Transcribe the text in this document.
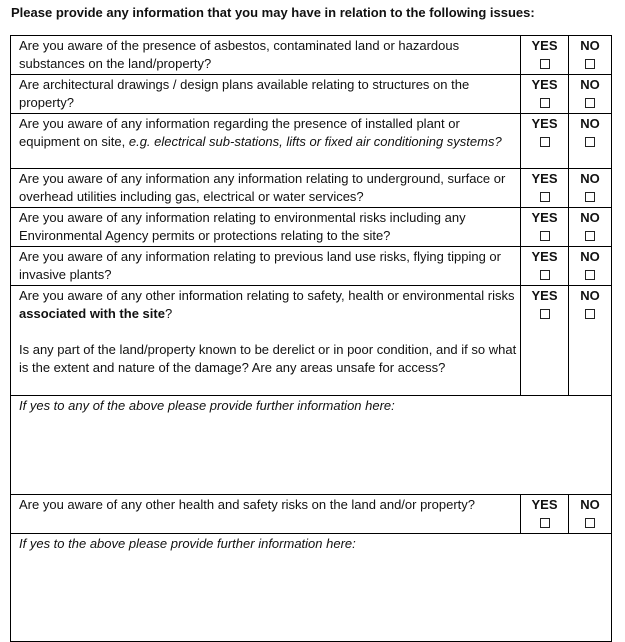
Please provide any information that you may have in relation to the following issues:
Are you aware of the presence of asbestos, contaminated land or hazardous substances on the land/property?	YES	NO

Are architectural drawings / design plans available relating to structures on the property?	YES	NO

Are you aware of any information regarding the presence of installed plant or equipment on site, e.g. electrical sub-stations, lifts or fixed air conditioning systems?	YES	NO

Are you aware of any information any information relating to underground, surface or overhead utilities including gas, electrical or water services?	YES	NO

Are you aware of any information relating to environmental risks including any Environmental Agency permits or protections relating to the site?	YES	NO

Are you aware of any information relating to previous land use risks, flying tipping or invasive plants?	YES	NO

Are you aware of any other information relating to safety, health or environmental risks associated with the site?
Is any part of the land/property known to be derelict or in poor condition, and if so what is the extent and nature of the damage? Are any areas unsafe for access?	YES	NO

If yes to any of the above please provide further information here:		
Are you aware of any other health and safety risks on the land and/or property?	YES	NO

If yes to the above please provide further information here:		
